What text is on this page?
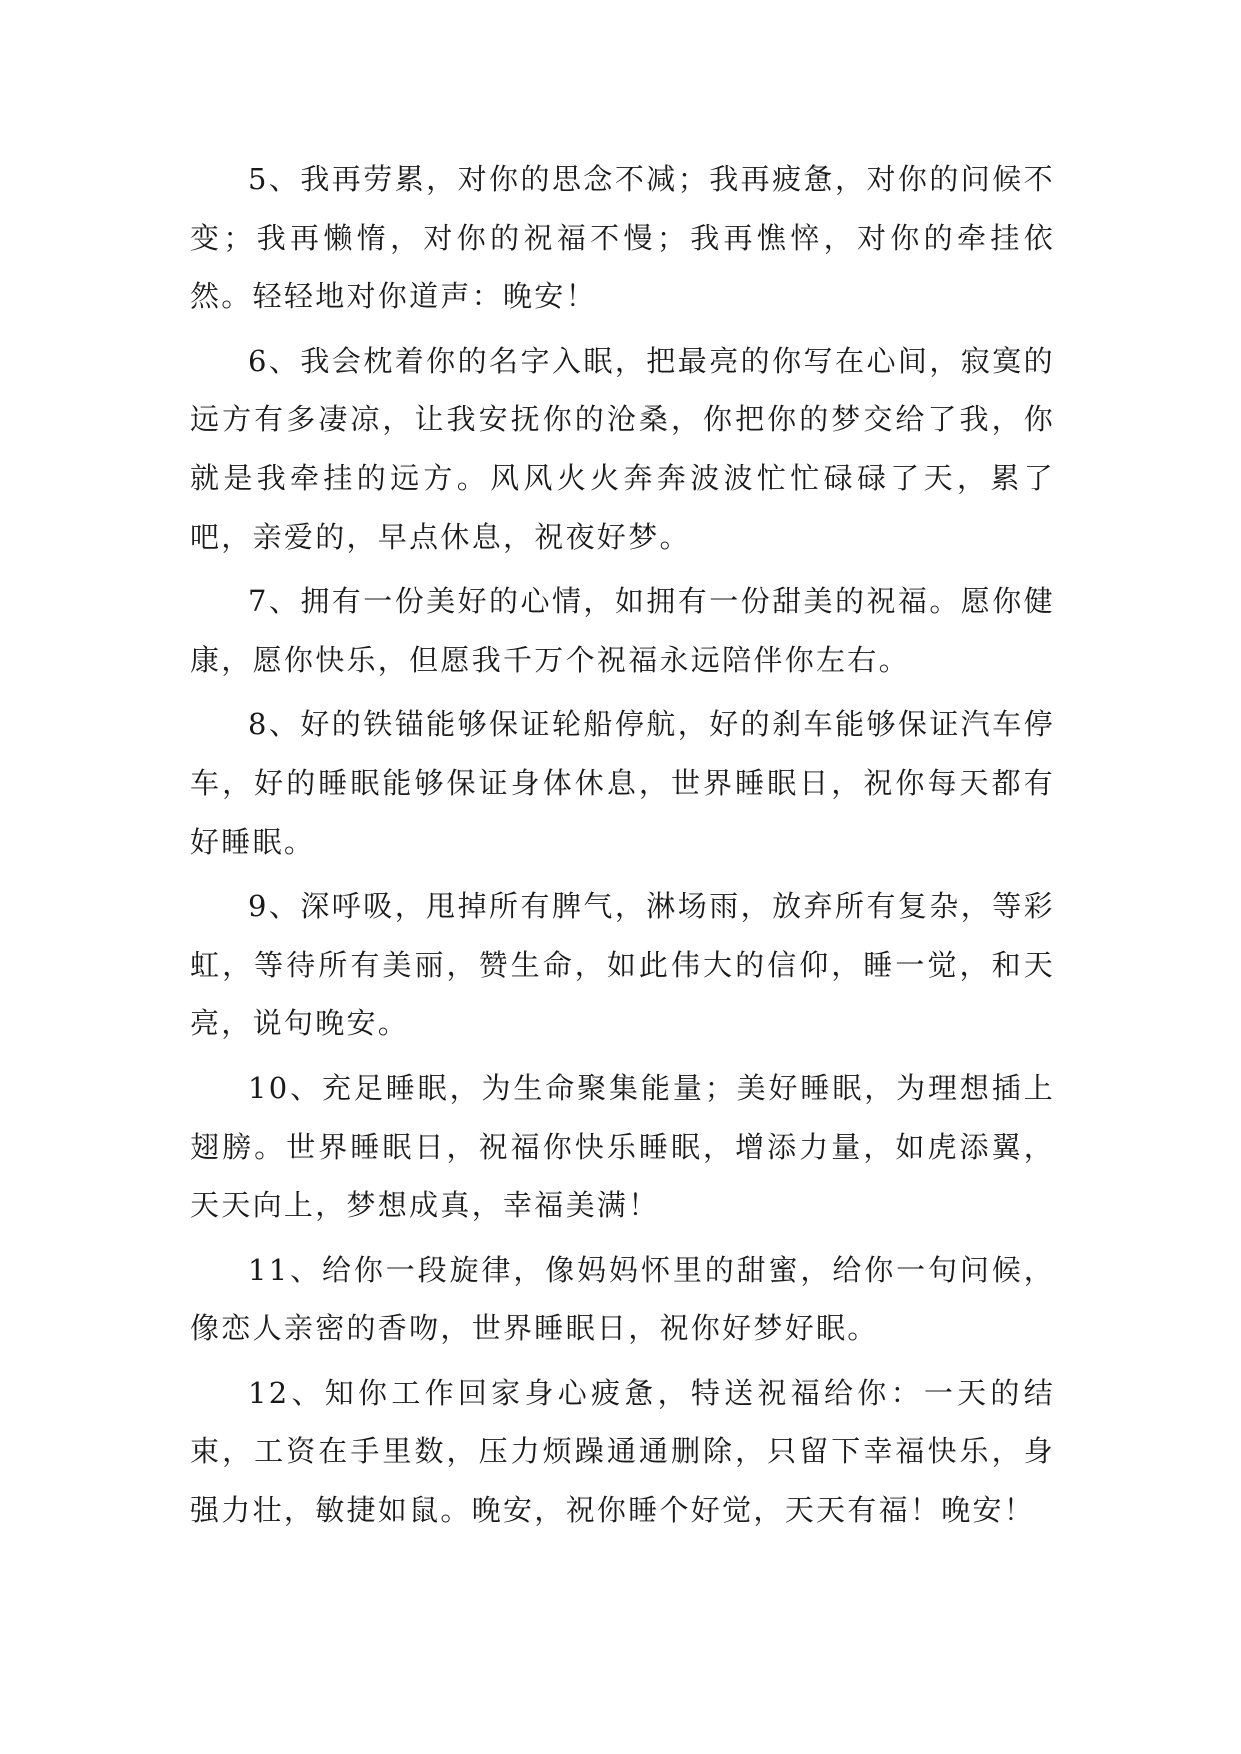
5、我再劳累，对你的思念不减；我再疲惫，对你的问候不变；我再懒惰，对你的祝福不慢；我再憔悴，对你的牵挂依然。轻轻地对你道声：晚安！

6、我会枕着你的名字入眠，把最亮的你写在心间，寂寞的远方有多凄凉，让我安抚你的沧桑，你把你的梦交给了我，你就是我牵挂的远方。风风火火奔奔波波忙忙碌碌了天，累了吧，亲爱的，早点休息，祝夜好梦。

7、拥有一份美好的心情，如拥有一份甜美的祝福。愿你健康，愿你快乐，但愿我千万个祝福永远陪伴你左右。

8、好的铁锚能够保证轮船停航，好的刹车能够保证汽车停车，好的睡眠能够保证身体休息，世界睡眠日，祝你每天都有好睡眠。

9、深呼吸，甩掉所有脾气，淋场雨，放弃所有复杂，等彩虹，等待所有美丽，赞生命，如此伟大的信仰，睡一觉，和天亮，说句晚安。

10、充足睡眠，为生命聚集能量；美好睡眠，为理想插上翅膀。世界睡眠日，祝福你快乐睡眠，增添力量，如虎添翼，天天向上，梦想成真，幸福美满！

11、给你一段旋律，像妈妈怀里的甜蜜，给你一句问候，像恋人亲密的香吻，世界睡眠日，祝你好梦好眠。

12、知你工作回家身心疲惫，特送祝福给你：一天的结束，工资在手里数，压力烦躁通通删除，只留下幸福快乐，身强力壮，敏捷如鼠。晚安，祝你睡个好觉，天天有福！晚安！
